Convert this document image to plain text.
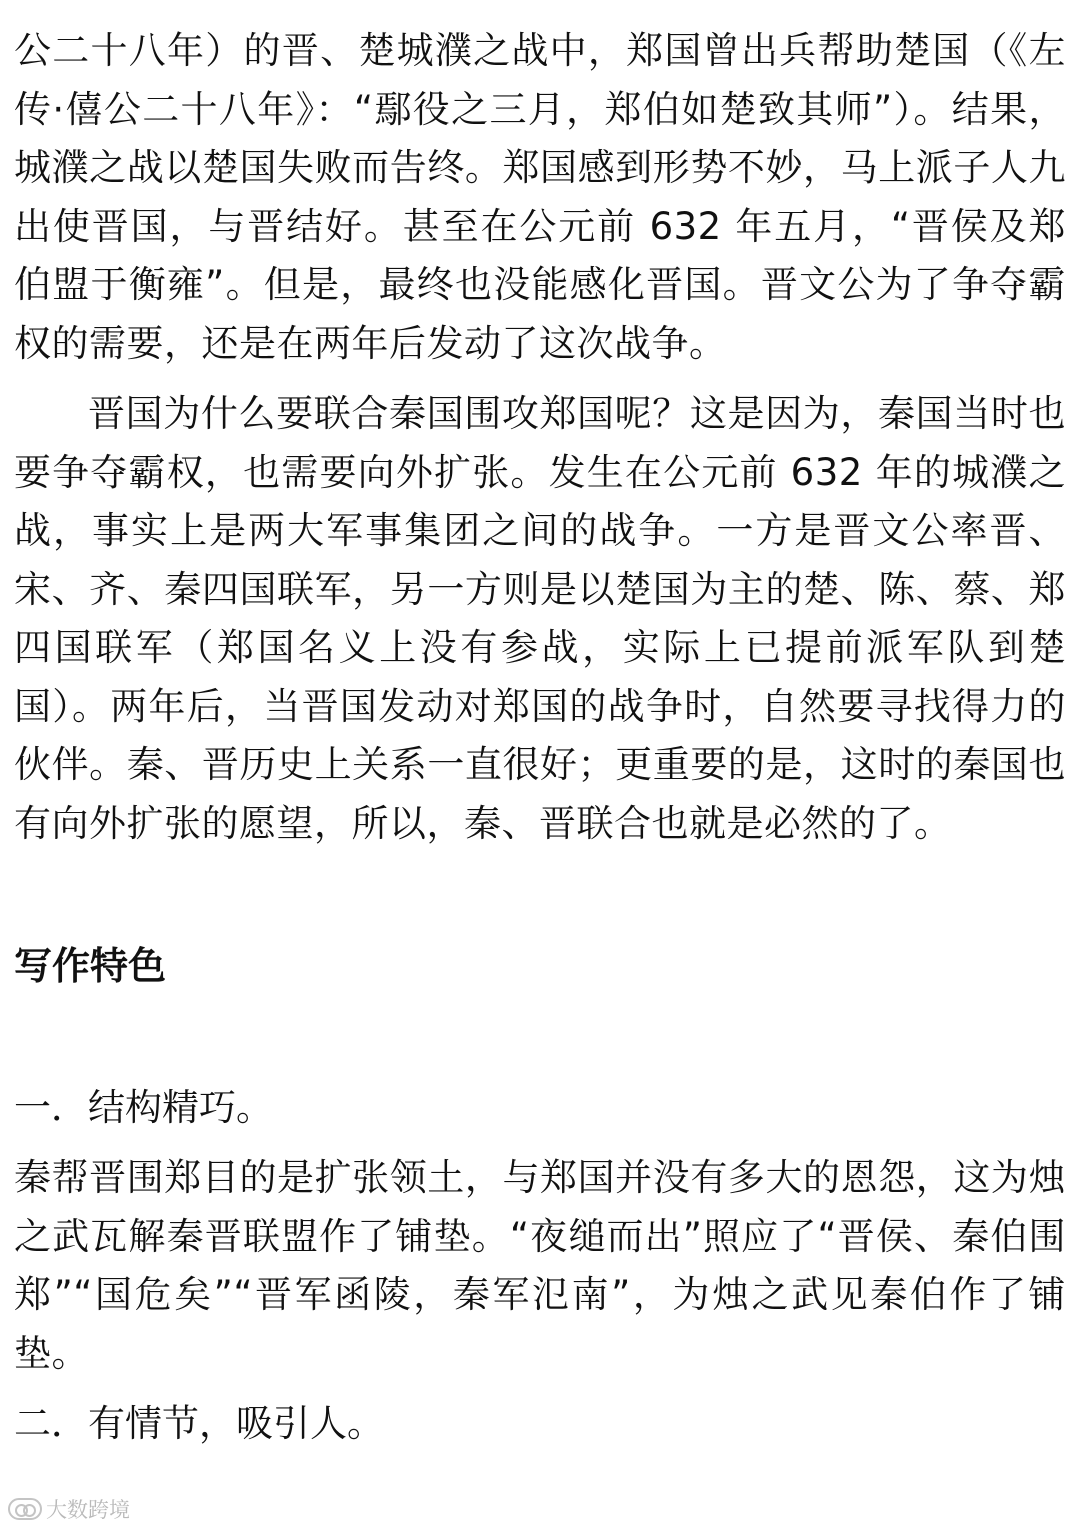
公二十八年）的晋、楚城濮之战中，郑国曾出兵帮助楚国（《左传·僖公二十八年》：“鄢役之三月，郑伯如楚致其师”）。结果，城濮之战以楚国失败而告终。郑国感到形势不妙，马上派子人九出使晋国，与晋结好。甚至在公元前 632 年五月，“晋侯及郑伯盟于衡雍”。但是，最终也没能感化晋国。晋文公为了争夺霸权的需要，还是在两年后发动了这次战争。

晋国为什么要联合秦国围攻郑国呢？这是因为，秦国当时也要争夺霸权，也需要向外扩张。发生在公元前 632 年的城濮之战，事实上是两大军事集团之间的战争。一方是晋文公率晋、宋、齐、秦四国联军，另一方则是以楚国为主的楚、陈、蔡、郑四国联军（郑国名义上没有参战，实际上已提前派军队到楚国）。两年后，当晋国发动对郑国的战争时，自然要寻找得力的伙伴。秦、晋历史上关系一直很好；更重要的是，这时的秦国也有向外扩张的愿望，所以，秦、晋联合也就是必然的了。

写作特色

一．结构精巧。

秦帮晋围郑目的是扩张领土，与郑国并没有多大的恩怨，这为烛之武瓦解秦晋联盟作了铺垫。“夜缒而出”照应了“晋侯、秦伯围郑”“国危矣”“晋军函陵，秦军氾南”，为烛之武见秦伯作了铺垫。

二．有情节，吸引人。

大数跨境
